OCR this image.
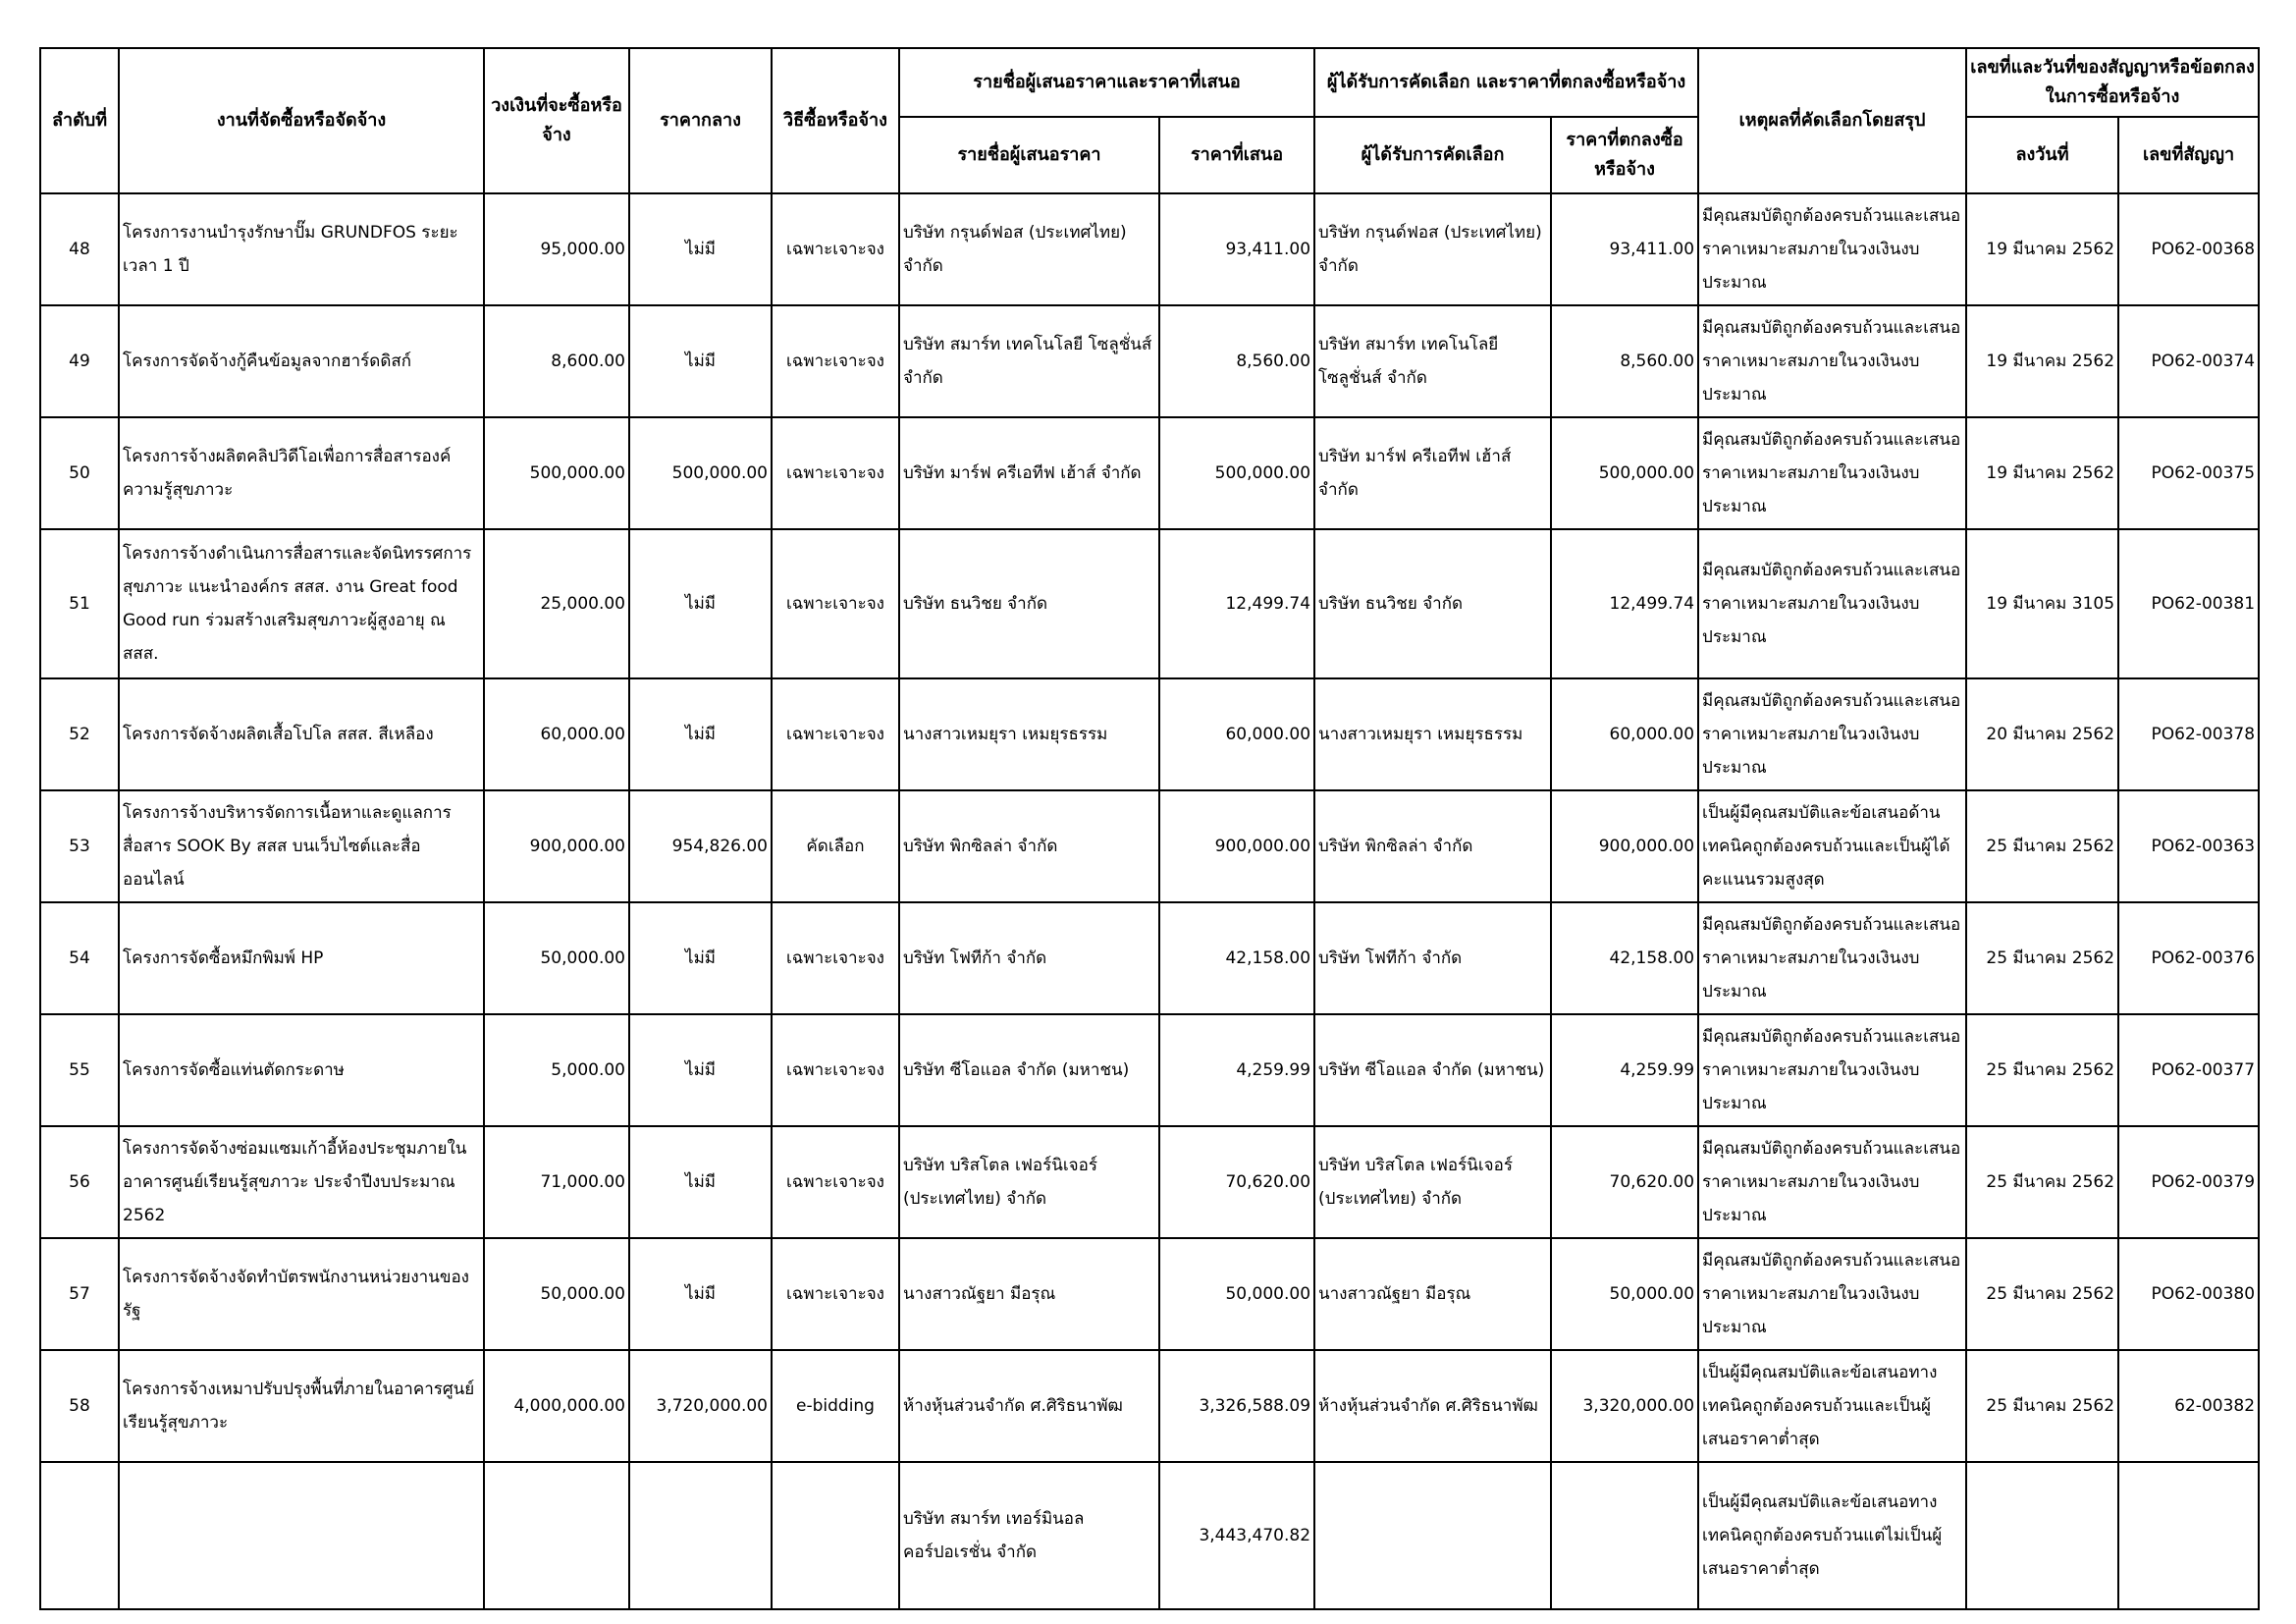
ลำดับที่	งานที่จัดซื้อหรือจัดจ้าง	วงเงินที่จะซื้อหรือจ้าง	ราคากลาง	วิธีซื้อหรือจ้าง	รายชื่อผู้เสนอราคาและราคาที่เสนอ		ผู้ได้รับการคัดเลือก และราคาที่ตกลงซื้อหรือจ้าง		เหตุผลที่คัดเลือกโดยสรุป	เลขที่และวันที่ของสัญญาหรือข้อตกลงในการซื้อหรือจ้าง	
					รายชื่อผู้เสนอราคา	ราคาที่เสนอ	ผู้ได้รับการคัดเลือก	ราคาที่ตกลงซื้อหรือจ้าง		ลงวันที่	เลขที่สัญญา
48	โครงการงานบำรุงรักษาปั๊ม GRUNDFOS ระยะเวลา 1 ปี	95,000.00	ไม่มี	เฉพาะเจาะจง	บริษัท กรุนด์ฟอส (ประเทศไทย) จำกัด	93,411.00	บริษัท กรุนด์ฟอส (ประเทศไทย) จำกัด	93,411.00	มีคุณสมบัติถูกต้องครบถ้วนและเสนอราคาเหมาะสมภายในวงเงินงบประมาณ	19 มีนาคม 2562	PO62-00368
49	โครงการจัดจ้างกู้คืนข้อมูลจากฮาร์ดดิสก์	8,600.00	ไม่มี	เฉพาะเจาะจง	บริษัท สมาร์ท เทคโนโลยี โซลูชั่นส์ จำกัด	8,560.00	บริษัท สมาร์ท เทคโนโลยี โซลูชั่นส์ จำกัด	8,560.00	มีคุณสมบัติถูกต้องครบถ้วนและเสนอราคาเหมาะสมภายในวงเงินงบประมาณ	19 มีนาคม 2562	PO62-00374
50	โครงการจ้างผลิตคลิปวิดีโอเพื่อการสื่อสารองค์ความรู้สุขภาวะ	500,000.00	500,000.00	เฉพาะเจาะจง	บริษัท มาร์ฟ ครีเอทีฟ เฮ้าส์ จำกัด	500,000.00	บริษัท มาร์ฟ ครีเอทีฟ เฮ้าส์ จำกัด	500,000.00	มีคุณสมบัติถูกต้องครบถ้วนและเสนอราคาเหมาะสมภายในวงเงินงบประมาณ	19 มีนาคม 2562	PO62-00375
51	โครงการจ้างดำเนินการสื่อสารและจัดนิทรรศการสุขภาวะ แนะนำองค์กร สสส. งาน Great food Good run ร่วมสร้างเสริมสุขภาวะผู้สูงอายุ ณ สสส.	25,000.00	ไม่มี	เฉพาะเจาะจง	บริษัท ธนวิชย จำกัด	12,499.74	บริษัท ธนวิชย จำกัด	12,499.74	มีคุณสมบัติถูกต้องครบถ้วนและเสนอราคาเหมาะสมภายในวงเงินงบประมาณ	19 มีนาคม 3105	PO62-00381
52	โครงการจัดจ้างผลิตเสื้อโปโล สสส. สีเหลือง	60,000.00	ไม่มี	เฉพาะเจาะจง	นางสาวเหมยุรา เหมยุรธรรม	60,000.00	นางสาวเหมยุรา เหมยุรธรรม	60,000.00	มีคุณสมบัติถูกต้องครบถ้วนและเสนอราคาเหมาะสมภายในวงเงินงบประมาณ	20 มีนาคม 2562	PO62-00378
53	โครงการจ้างบริหารจัดการเนื้อหาและดูแลการสื่อสาร SOOK By สสส บนเว็บไซต์และสื่อออนไลน์	900,000.00	954,826.00	คัดเลือก	บริษัท พิกซิลล่า จำกัด	900,000.00	บริษัท พิกซิลล่า จำกัด	900,000.00	เป็นผู้มีคุณสมบัติและข้อเสนอด้านเทคนิคถูกต้องครบถ้วนและเป็นผู้ได้คะแนนรวมสูงสุด	25 มีนาคม 2562	PO62-00363
54	โครงการจัดซื้อหมึกพิมพ์ HP	50,000.00	ไม่มี	เฉพาะเจาะจง	บริษัท โฟทีก้า จำกัด	42,158.00	บริษัท โฟทีก้า จำกัด	42,158.00	มีคุณสมบัติถูกต้องครบถ้วนและเสนอราคาเหมาะสมภายในวงเงินงบประมาณ	25 มีนาคม 2562	PO62-00376
55	โครงการจัดซื้อแท่นตัดกระดาษ	5,000.00	ไม่มี	เฉพาะเจาะจง	บริษัท ซีโอแอล จำกัด (มหาชน)	4,259.99	บริษัท ซีโอแอล จำกัด (มหาชน)	4,259.99	มีคุณสมบัติถูกต้องครบถ้วนและเสนอราคาเหมาะสมภายในวงเงินงบประมาณ	25 มีนาคม 2562	PO62-00377
56	โครงการจัดจ้างซ่อมแซมเก้าอี้ห้องประชุมภายในอาคารศูนย์เรียนรู้สุขภาวะ ประจำปีงบประมาณ 2562	71,000.00	ไม่มี	เฉพาะเจาะจง	บริษัท บริสโตล เฟอร์นิเจอร์ (ประเทศไทย) จำกัด	70,620.00	บริษัท บริสโตล เฟอร์นิเจอร์ (ประเทศไทย) จำกัด	70,620.00	มีคุณสมบัติถูกต้องครบถ้วนและเสนอราคาเหมาะสมภายในวงเงินงบประมาณ	25 มีนาคม 2562	PO62-00379
57	โครงการจัดจ้างจัดทำบัตรพนักงานหน่วยงานของรัฐ	50,000.00	ไม่มี	เฉพาะเจาะจง	นางสาวณัฐยา มีอรุณ	50,000.00	นางสาวณัฐยา มีอรุณ	50,000.00	มีคุณสมบัติถูกต้องครบถ้วนและเสนอราคาเหมาะสมภายในวงเงินงบประมาณ	25 มีนาคม 2562	PO62-00380
58	โครงการจ้างเหมาปรับปรุงพื้นที่ภายในอาคารศูนย์เรียนรู้สุขภาวะ	4,000,000.00	3,720,000.00	e-bidding	ห้างหุ้นส่วนจำกัด ศ.ศิริธนาพัฒ	3,326,588.09	ห้างหุ้นส่วนจำกัด ศ.ศิริธนาพัฒ	3,320,000.00	เป็นผู้มีคุณสมบัติและข้อเสนอทางเทคนิคถูกต้องครบถ้วนและเป็นผู้เสนอราคาต่ำสุด	25 มีนาคม 2562	62-00382
					บริษัท สมาร์ท เทอร์มินอล คอร์ปอเรชั่น จำกัด	3,443,470.82			เป็นผู้มีคุณสมบัติและข้อเสนอทางเทคนิคถูกต้องครบถ้วนแต่ไม่เป็นผู้เสนอราคาต่ำสุด		
